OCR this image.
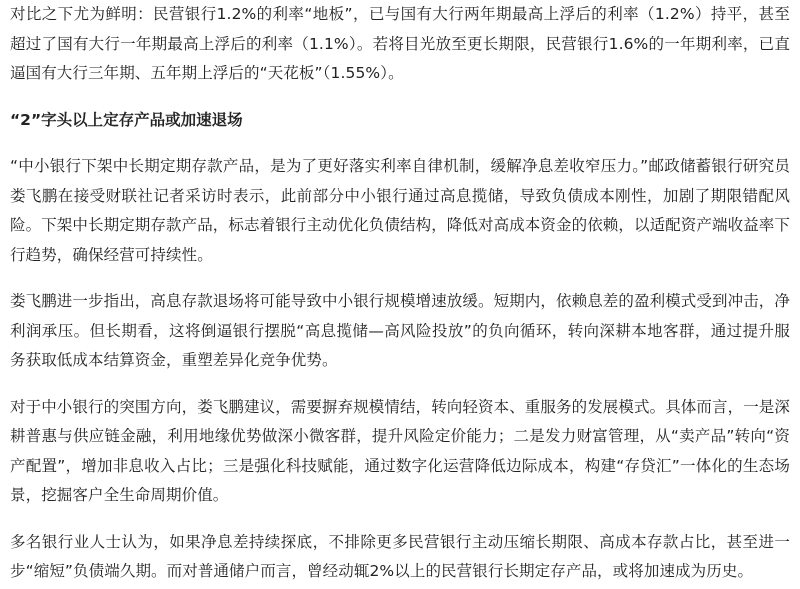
对比之下尤为鲜明：民营银行1.2%的利率“地板”，已与国有大行两年期最高上浮后的利率（1.2%）持平，甚至超过了国有大行一年期最高上浮后的利率（1.1%）。若将目光放至更长期限，民营银行1.6%的一年期利率，已直逼国有大行三年期、五年期上浮后的“天花板”（1.55%）。

“2”字头以上定存产品或加速退场

“中小银行下架中长期定期存款产品，是为了更好落实利率自律机制，缓解净息差收窄压力。”邮政储蓄银行研究员娄飞鹏在接受财联社记者采访时表示，此前部分中小银行通过高息揽储，导致负债成本刚性，加剧了期限错配风险。下架中长期定期存款产品，标志着银行主动优化负债结构，降低对高成本资金的依赖，以适配资产端收益率下行趋势，确保经营可持续性。

娄飞鹏进一步指出，高息存款退场将可能导致中小银行规模增速放缓。短期内，依赖息差的盈利模式受到冲击，净利润承压。但长期看，这将倒逼银行摆脱“高息揽储—高风险投放”的负向循环，转向深耕本地客群，通过提升服务获取低成本结算资金，重塑差异化竞争优势。

对于中小银行的突围方向，娄飞鹏建议，需要摒弃规模情结，转向轻资本、重服务的发展模式。具体而言，一是深耕普惠与供应链金融，利用地缘优势做深小微客群，提升风险定价能力；二是发力财富管理，从“卖产品”转向“资产配置”，增加非息收入占比；三是强化科技赋能，通过数字化运营降低边际成本，构建“存贷汇”一体化的生态场景，挖掘客户全生命周期价值。

多名银行业人士认为，如果净息差持续探底，不排除更多民营银行主动压缩长期限、高成本存款占比，甚至进一步“缩短”负债端久期。而对普通储户而言，曾经动辄2%以上的民营银行长期定存产品，或将加速成为历史。
